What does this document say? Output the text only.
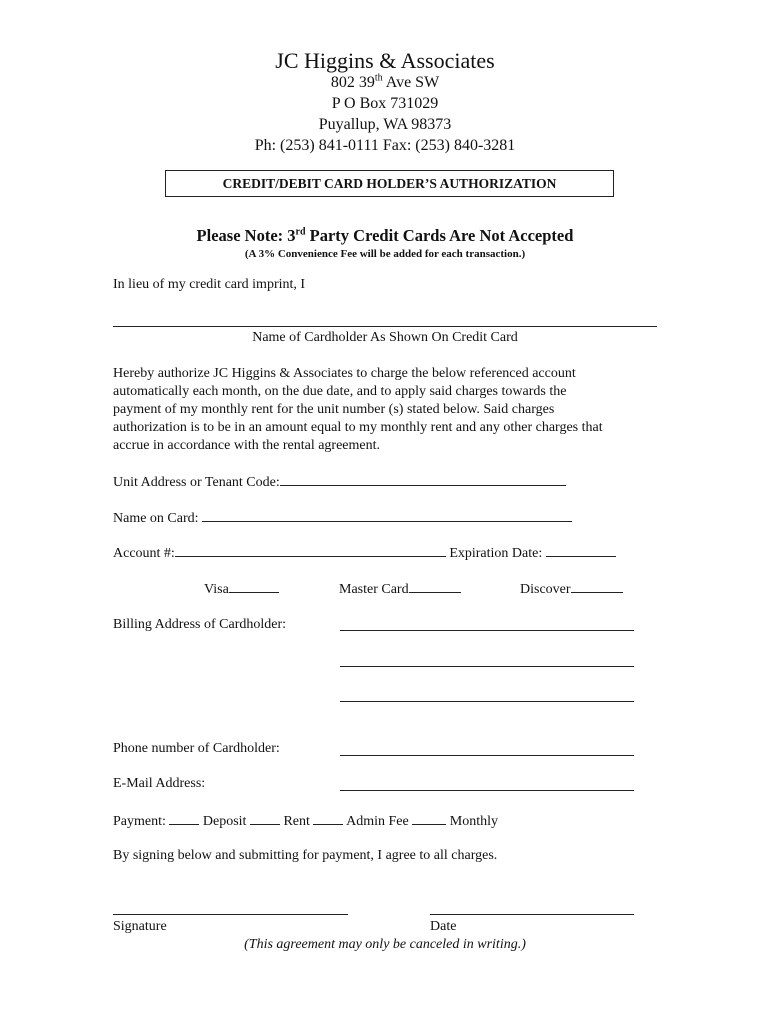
JC Higgins & Associates
802 39th Ave SW
P O Box 731029
Puyallup, WA 98373
Ph: (253) 841-0111 Fax: (253) 840-3281
CREDIT/DEBIT CARD HOLDER’S AUTHORIZATION
Please Note: 3rd Party Credit Cards Are Not Accepted
(A 3% Convenience Fee will be added for each transaction.)
In lieu of my credit card imprint, I
Name of Cardholder As Shown On Credit Card
Hereby authorize JC Higgins & Associates to charge the below referenced account
automatically each month, on the due date, and to apply said charges towards the
payment of my monthly rent for the unit number (s) stated below. Said charges
authorization is to be in an amount equal to my monthly rent and any other charges that
accrue in accordance with the rental agreement.
Unit Address or Tenant Code:
Name on Card:
Account #:	Expiration Date:
Visa	Master Card	Discover
Billing Address of Cardholder:
Phone number of Cardholder:
E-Mail Address:
Payment:  Deposit  Rent  Admin Fee  Monthly
By signing below and submitting for payment, I agree to all charges.
Signature	Date
(This agreement may only be canceled in writing.)
